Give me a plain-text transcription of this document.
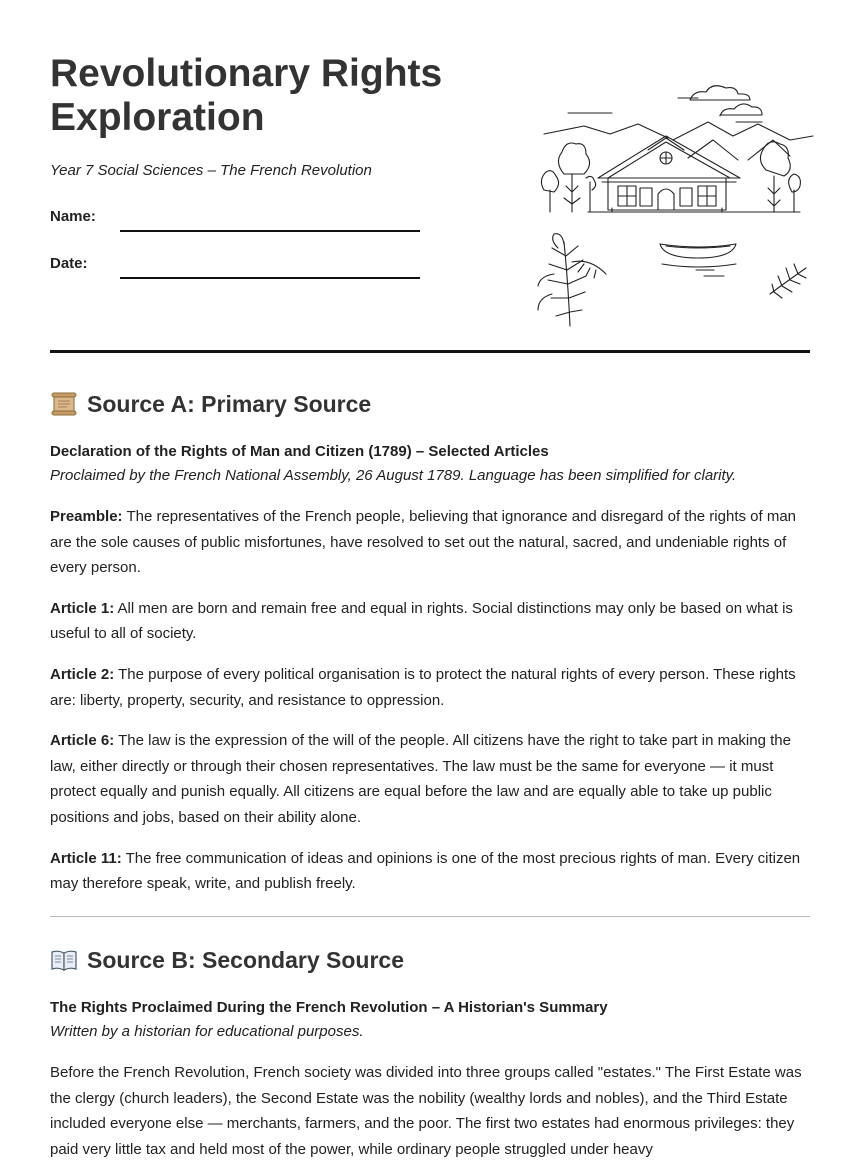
Revolutionary Rights Exploration

Year 7 Social Sciences – The French Revolution

Name:
Date:
Source A: Primary Source
Declaration of the Rights of Man and Citizen (1789) – Selected Articles
Proclaimed by the French National Assembly, 26 August 1789. Language has been simplified for clarity.

Preamble: The representatives of the French people, believing that ignorance and disregard of the rights of man are the sole causes of public misfortunes, have resolved to set out the natural, sacred, and undeniable rights of every person.

Article 1: All men are born and remain free and equal in rights. Social distinctions may only be based on what is useful to all of society.

Article 2: The purpose of every political organisation is to protect the natural rights of every person. These rights are: liberty, property, security, and resistance to oppression.

Article 6: The law is the expression of the will of the people. All citizens have the right to take part in making the law, either directly or through their chosen representatives. The law must be the same for everyone — it must protect equally and punish equally. All citizens are equal before the law and are equally able to take up public positions and jobs, based on their ability alone.

Article 11: The free communication of ideas and opinions is one of the most precious rights of man. Every citizen may therefore speak, write, and publish freely.

Source B: Secondary Source
The Rights Proclaimed During the French Revolution – A Historian's Summary
Written by a historian for educational purposes.

Before the French Revolution, French society was divided into three groups called "estates." The First Estate was the clergy (church leaders), the Second Estate was the nobility (wealthy lords and nobles), and the Third Estate included everyone else — merchants, farmers, and the poor. The first two estates had enormous privileges: they paid very little tax and held most of the power, while ordinary people struggled under heavy
